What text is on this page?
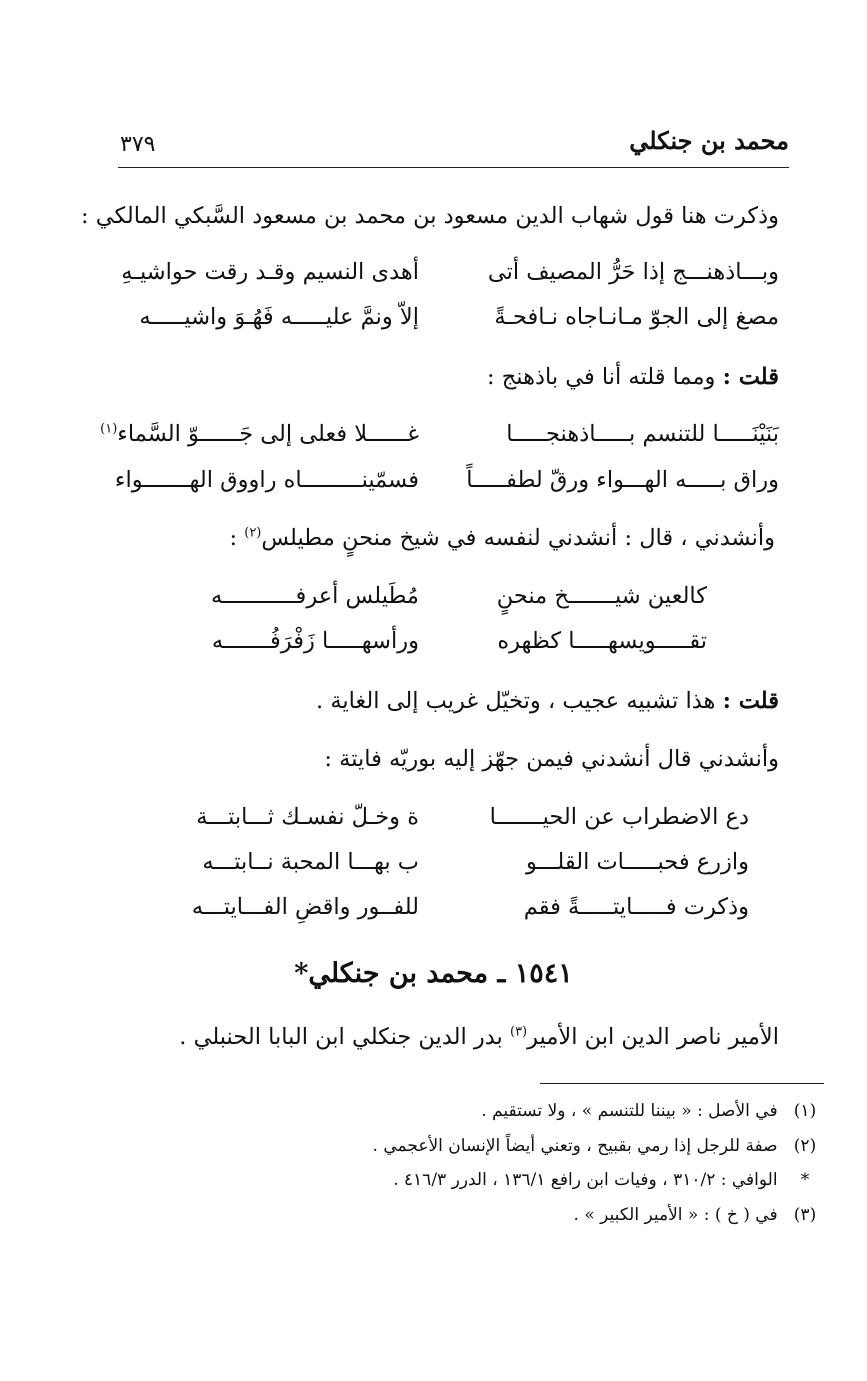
محمد بن جنكلي
٣٧٩
وذكرت هنا قول شهاب الدين مسعود بن محمد بن مسعود السَّبكي المالكي :
وبـــاذهنـــج إذا حَرُّ المصيف أتى
أهدى النسيم وقـد رقت حواشيـهِ
مصغ إلى الجوّ مـانـاجاه نـافحـةً
إلاّ ونمَّ عليـــــه فَهُـوَ واشيـــــه
قلت : ومما قلته أنا في باذهنج :
بَنَيْنَـــــا للتنسم بـــــاذهنجـــــا
غــــــلا فعلى إلى جَــــــوّ السَّماء$^{(١)}$
وراق بـــــه الهـــواء ورقّ لطفـــــاً
فسمّينـــــــــاه راووق الهـــــــواء
وأنشدني ، قال : أنشدني لنفسه في شيخ منحنٍ مطيلس$^{(٢)}$ :
كالعين شيـــــــخ منحنٍ
مُطَيلس أعرفـــــــــــه
تقـــــويسهـــــا كظهره
ورأسهـــــا زَفْرَفُـــــــه
قلت : هذا تشبيه عجيب ، وتخيّل غريب إلى الغاية .
وأنشدني قال أنشدني فيمن جهّز إليه بوريّه فايتة :
دع الاضطراب عن الحيـــــــا
ة وخـلّ نفسـك ثـــابتـــة
وازرع فحبـــــات القلـــو
ب بهـــا المحبة نــابتـــه
وذكرت فـــــايتـــــةً فقم
للفــور واقضِ الفـــايتـــه
١٥٤١ ـ محمد بن جنكلي*
الأمير ناصر الدين ابن الأمير$^{(٣)}$ بدر الدين جنكلي ابن البابا الحنبلي .
(١) في الأصل : « بيننا للتنسم » ، ولا تستقيم .
(٢) صفة للرجل إذا رمي بقبيح ، وتعني أيضاً الإنسان الأعجمي .
* الوافي : ٣١٠/٢ ، وفيات ابن رافع ١٣٦/١ ، الدرر ٤١٦/٣ .
(٣) في ( خ ) : « الأمير الكبير » .
